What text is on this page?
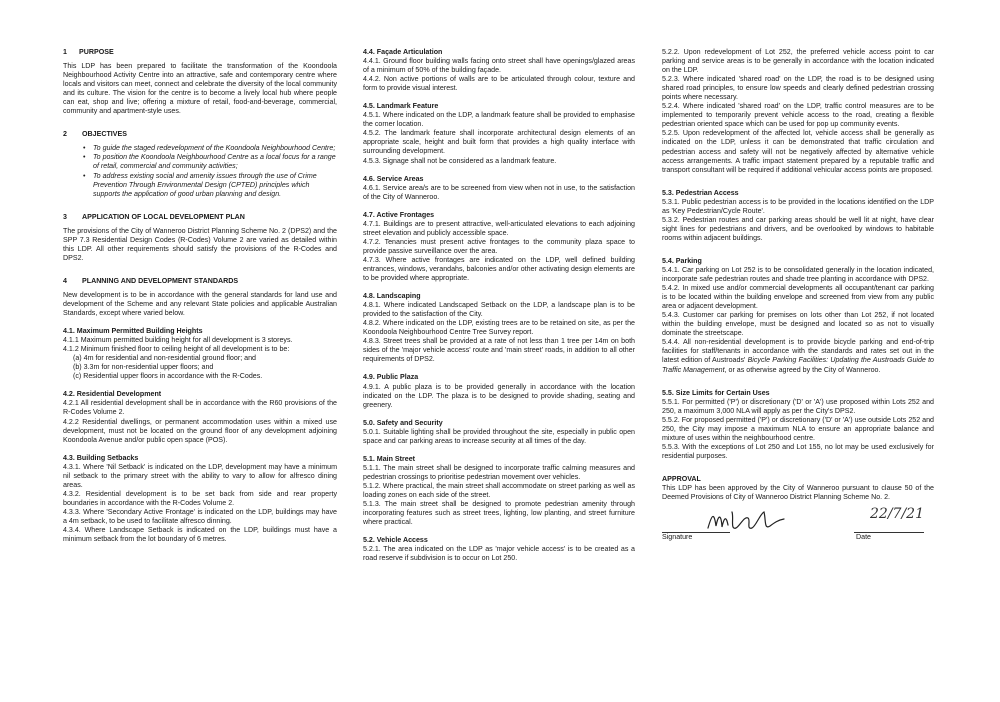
1 PURPOSE

This LDP has been prepared to facilitate the transformation of the Koondoola Neighbourhood Activity Centre into an attractive, safe and contemporary centre where locals and visitors can meet, connect and celebrate the diversity of the local community and its culture. The vision for the centre is to become a lively local hub where people can eat, shop and live; offering a mixture of retail, food-and-beverage, commercial, community and apartment-style uses.

2 OBJECTIVES

• To guide the staged redevelopment of the Koondoola Neighbourhood Centre;
• To position the Koondoola Neighbourhood Centre as a local focus for a range of retail, commercial and community activities;
• To address existing social and amenity issues through the use of Crime Prevention Through Environmental Design (CPTED) principles which supports the application of good urban planning and design.

3 APPLICATION OF LOCAL DEVELOPMENT PLAN

The provisions of the City of Wanneroo District Planning Scheme No. 2 (DPS2) and the SPP 7.3 Residential Design Codes (R-Codes) Volume 2 are varied as detailed within this LDP. All other requirements should satisfy the provisions of the R-Codes and DPS2.

4 PLANNING AND DEVELOPMENT STANDARDS

New development is to be in accordance with the general standards for land use and development of the Scheme and any relevant State policies and applicable Australian Standards, except where varied below.

4.1. Maximum Permitted Building Heights

4.1.1 Maximum permitted building height for all development is 3 storeys.

4.1.2 Minimum finished floor to ceiling height of all development is to be:

(a) 4m for residential and non-residential ground floor; and

(b) 3.3m for non-residential upper floors; and

(c) Residential upper floors in accordance with the R-Codes.

4.2. Residential Development

4.2.1 All residential development shall be in accordance with the R60 provisions of the R-Codes Volume 2.

4.2.2 Residential dwellings, or permanent accommodation uses within a mixed use development, must not be located on the ground floor of any development adjoining Koondoola Avenue and/or public open space (POS).

4.3. Building Setbacks

4.3.1. Where 'Nil Setback' is indicated on the LDP, development may have a minimum nil setback to the primary street with the ability to vary to allow for alfresco dining areas.

4.3.2. Residential development is to be set back from side and rear property boundaries in accordance with the R-Codes Volume 2.

4.3.3. Where 'Secondary Active Frontage' is indicated on the LDP, buildings may have a 4m setback, to be used to facilitate alfresco dinning.

4.3.4. Where Landscape Setback is indicated on the LDP, buildings must have a minimum setback from the lot boundary of 6 metres.

4.4. Façade Articulation

4.4.1. Ground floor building walls facing onto street shall have openings/glazed areas of a minimum of 50% of the building façade.

4.4.2. Non active portions of walls are to be articulated through colour, texture and form to provide visual interest.

4.5. Landmark Feature

4.5.1. Where indicated on the LDP, a landmark feature shall be provided to emphasise the corner location.

4.5.2. The landmark feature shall incorporate architectural design elements of an appropriate scale, height and built form that provides a high quality interface with surrounding development.

4.5.3. Signage shall not be considered as a landmark feature.

4.6. Service Areas

4.6.1. Service area/s are to be screened from view when not in use, to the satisfaction of the City of Wanneroo.

4.7. Active Frontages

4.7.1. Buildings are to present attractive, well-articulated elevations to each adjoining street elevation and publicly accessible space.

4.7.2. Tenancies must present active frontages to the community plaza space to provide passive surveillance over the area.

4.7.3. Where active frontages are indicated on the LDP, well defined building entrances, windows, verandahs, balconies and/or other activating design elements are to be provided where appropriate.

4.8. Landscaping

4.8.1. Where indicated Landscaped Setback on the LDP, a landscape plan is to be provided to the satisfaction of the City.

4.8.2. Where indicated on the LDP, existing trees are to be retained on site, as per the Koondoola Neighbourhood Centre Tree Survey report.

4.8.3. Street trees shall be provided at a rate of not less than 1 tree per 14m on both sides of the 'major vehicle access' route and 'main street' roads, in addition to all other requirements of DPS2.

4.9. Public Plaza

4.9.1. A public plaza is to be provided generally in accordance with the location indicated on the LDP. The plaza is to be designed to provide shading, seating and greenery.

5.0. Safety and Security

5.0.1. Suitable lighting shall be provided throughout the site, especially in public open space and car parking areas to increase security at all times of the day.

5.1. Main Street

5.1.1. The main street shall be designed to incorporate traffic calming measures and pedestrian crossings to prioritise pedestrian movement over vehicles.

5.1.2. Where practical, the main street shall accommodate on street parking as well as loading zones on each side of the street.

5.1.3. The main street shall be designed to promote pedestrian amenity through incorporating features such as street trees, lighting, low planting, and street furniture where practical.

5.2. Vehicle Access

5.2.1. The area indicated on the LDP as 'major vehicle access' is to be created as a road reserve if subdivision is to occur on Lot 250.

5.2.2. Upon redevelopment of Lot 252, the preferred vehicle access point to car parking and service areas is to be generally in accordance with the location indicated on the LDP.

5.2.3. Where indicated 'shared road' on the LDP, the road is to be designed using shared road principles, to ensure low speeds and clearly defined pedestrian crossing points where necessary.

5.2.4. Where indicated 'shared road' on the LDP, traffic control measures are to be implemented to temporarily prevent vehicle access to the road, creating a flexible pedestrian oriented space which can be used for pop up community events.

5.2.5. Upon redevelopment of the affected lot, vehicle access shall be generally as indicated on the LDP, unless it can be demonstrated that traffic circulation and pedestrian access and safety will not be negatively affected by alternative vehicle access arrangements. A traffic impact statement prepared by a reputable traffic and transport consultant will be required if additional vehicular access points are proposed.

5.3. Pedestrian Access

5.3.1. Public pedestrian access is to be provided in the locations identified on the LDP as 'Key Pedestrian/Cycle Route'.

5.3.2. Pedestrian routes and car parking areas should be well lit at night, have clear sight lines for pedestrians and drivers, and be overlooked by windows to habitable rooms within adjacent buildings.

5.4. Parking

5.4.1. Car parking on Lot 252 is to be consolidated generally in the location indicated, incorporate safe pedestrian routes and shade tree planting in accordance with DPS2.

5.4.2. In mixed use and/or commercial developments all occupant/tenant car parking is to be located within the building envelope and screened from view from any public area or adjacent development.

5.4.3. Customer car parking for premises on lots other than Lot 252, if not located within the building envelope, must be designed and located so as not to visually dominate the streetscape.

5.4.4. All non-residential development is to provide bicycle parking and end-of-trip facilities for staff/tenants in accordance with the standards and rates set out in the latest edition of Austroads' Bicycle Parking Facilities: Updating the Austroads Guide to Traffic Management, or as otherwise agreed by the City of Wanneroo.

5.5. Size Limits for Certain Uses

5.5.1. For permitted ('P') or discretionary ('D' or 'A') use proposed within Lots 252 and 250, a maximum 3,000 NLA will apply as per the City's DPS2.

5.5.2. For proposed permitted ('P') or discretionary ('D' or 'A') use outside Lots 252 and 250, the City may impose a maximum NLA to ensure an appropriate balance and mixture of uses within the neighbourhood centre.

5.5.3. With the exceptions of Lot 250 and Lot 155, no lot may be used exclusively for residential purposes.

APPROVAL

This LDP has been approved by the City of Wanneroo pursuant to clause 50 of the Deemed Provisions of City of Wanneroo District Planning Scheme No. 2.

Signature
22/7/21
Date
